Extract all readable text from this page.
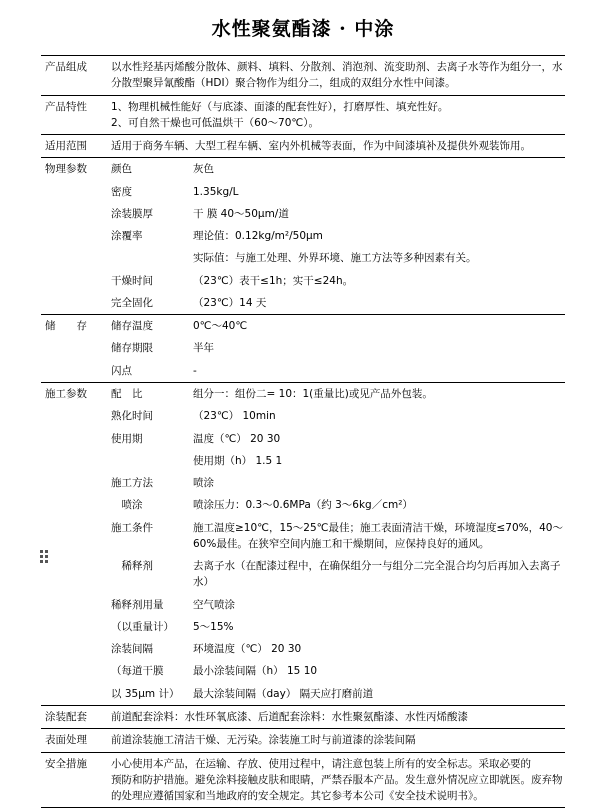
水性聚氨酯漆 · 中涂
产品组成	以水性羟基丙烯酸分散体、颜料、填料、分散剂、消泡剂、流变助剂、去离子水等作为组分一，水分散型聚异氰酸酯（HDI）聚合物作为组分二，组成的双组分水性中间漆。	
产品特性	1、物理机械性能好（与底漆、面漆的配套性好），打磨厚性、填充性好。
2、可自然干燥也可低温烘干（60～70℃）。	

适用范围	适用于商务车辆、大型工程车辆、室内外机械等表面，作为中间漆填补及提供外观装饰用。	
物理参数	颜色	灰色
	密度	1.35kg/L
	涂装膜厚	干 膜 40～50μm/道
	涂覆率	理论值：0.12kg/m²/50μm
		实际值：与施工处理、外界环境、施工方法等多种因素有关。
	干燥时间	（23℃）表干≤1h；实干≤24h。
	完全固化	（23℃）14 天
储　　存	储存温度	0℃～40℃
	储存期限	半年
	闪点	-
施工参数	配　比	组分一：组份二= 10：1(重量比)或见产品外包装。
	熟化时间	（23℃） 10min
	使用期	温度（℃） 20 30
		使用期（h） 1.5 1
	施工方法	喷涂
	　喷涂	喷涂压力：0.3～0.6MPa（约 3～6kg／cm²）
	施工条件	施工温度≥10℃，15～25℃最佳；施工表面清洁干燥，环境湿度≤70%，40～60%最佳。在狭窄空间内施工和干燥期间，应保持良好的通风。
	　稀释剂	去离子水（在配漆过程中，在确保组分一与组分二完全混合均匀后再加入去离子水）
	稀释剂用量	空气喷涂
	（以重量计）	5～15%
	涂装间隔	环境温度（℃） 20 30
	（每道干膜	最小涂装间隔（h） 15 10
	以 35μm 计）	最大涂装间隔（day） 隔天应打磨前道
涂装配套	前道配套涂料：水性环氧底漆、后道配套涂料：水性聚氨酯漆、水性丙烯酸漆	
表面处理	前道涂装施工清洁干燥、无污染。涂装施工时与前道漆的涂装间隔	
安全措施	小心使用本产品，在运输、存放、使用过程中，请注意包装上所有的安全标志。采取必要的
预防和防护措施。避免涂料接触皮肤和眼睛，严禁吞服本产品。发生意外情况应立即就医。废弃物的处理应遵循国家和当地政府的安全规定。其它参考本公司《安全技术说明书》。	
